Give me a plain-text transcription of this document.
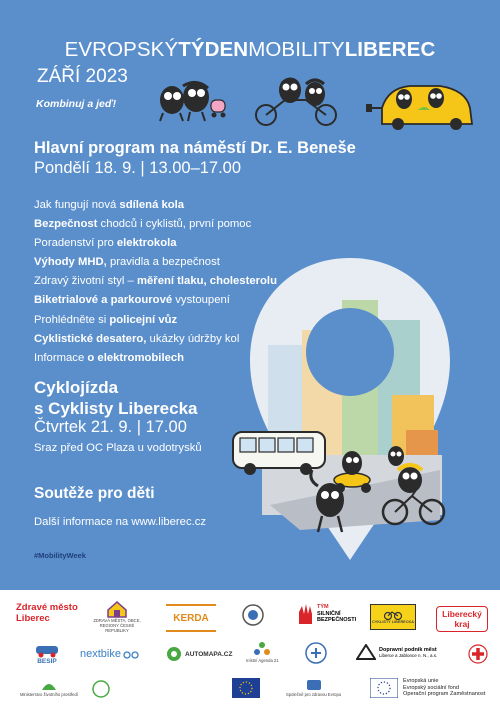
EVROPSKÝTÝDENMOBILITYLIBEREC
ZÁŘÍ 2023
Kombinuj a jeď!
Hlavní program na náměstí Dr. E. Beneše
Pondělí 18. 9. | 13.00–17.00
Jak fungují nová sdílená kola
Bezpečnost chodců i cyklistů, první pomoc
Poradenství pro elektrokola
Výhody MHD, pravidla a bezpečnost
Zdravý životní styl – měření tlaku, cholesterolu
Biketrialové a parkourové vystoupení
Prohlédněte si policejní vůz
Cyklistické desatero, ukázky údržby kol
Informace o elektromobilech
Cyklojízda
s Cyklisty Liberecka
Čtvrtek 21. 9. | 17.00
Sraz před OC Plaza u vodotrysků
Soutěže pro děti
Další informace na www.liberec.cz
#MobilityWeek
Zdravé město
Liberec	ZDRAVÁ MĚSTA, OBCE, REGIONY ČESKÉ REPUBLIKY
KERDA
TÝM
SILNIČNÍ
BEZPEČNOSTI	CYKLISTY LIBERECKA
Liberecký
kraj
BESIP
nextbike	AUTOMAPA.CZ
místní Agenda 21
Dopravní podnik měst
Liberce a Jablonce n. N., a.s.
Ministerstvo životního prostředí	Společně pro zdravou Evropu
Evropská unie
Evropský sociální fond
Operační program Zaměstnanost
